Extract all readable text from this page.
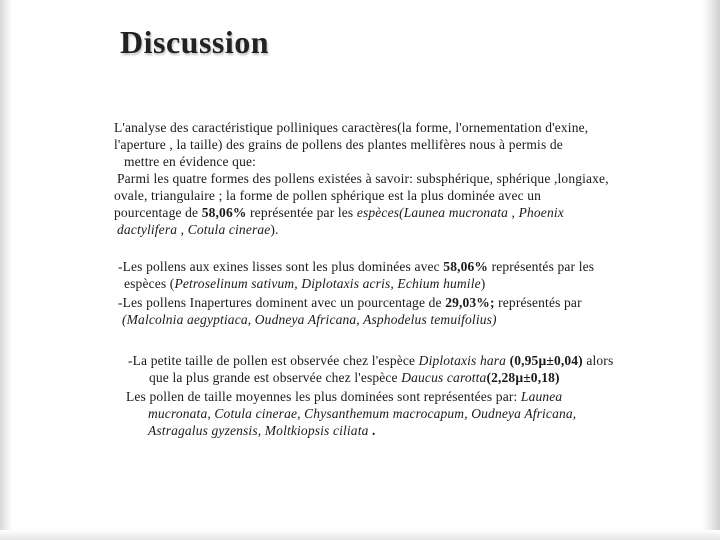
Discussion

L'analyse des caractéristique polliniques caractères(la forme, l'ornementation d'exine,
l'aperture , la taille) des grains de pollens des plantes mellifères nous à permis de
mettre en évidence que:

Parmi les quatre formes des pollens existées à savoir: subsphérique, sphérique ,longiaxe,
ovale, triangulaire ; la forme de pollen sphérique est la plus dominée avec un
pourcentage de 58,06% représentée par les espèces(Launea mucronata , Phoenix
dactylifera , Cotula cinerae).

-Les pollens aux exines lisses sont les plus dominées avec 58,06% représentés par les
espèces (Petroselinum sativum, Diplotaxis acris, Echium humile)

-Les pollens Inapertures dominent avec un pourcentage de 29,03%; représentés par
(Malcolnia aegyptiaca, Oudneya Africana, Asphodelus temuifolius)

-La petite taille de pollen est observée chez l'espèce Diplotaxis hara (0,95µ±0,04) alors
que la plus grande est observée chez l'espèce Daucus carotta(2,28µ±0,18)

Les pollen de taille moyennes les plus dominées sont représentées par: Launea
mucronata, Cotula cinerae, Chysanthemum macrocapum, Oudneya Africana,
Astragalus gyzensis, Moltkiopsis ciliata .
